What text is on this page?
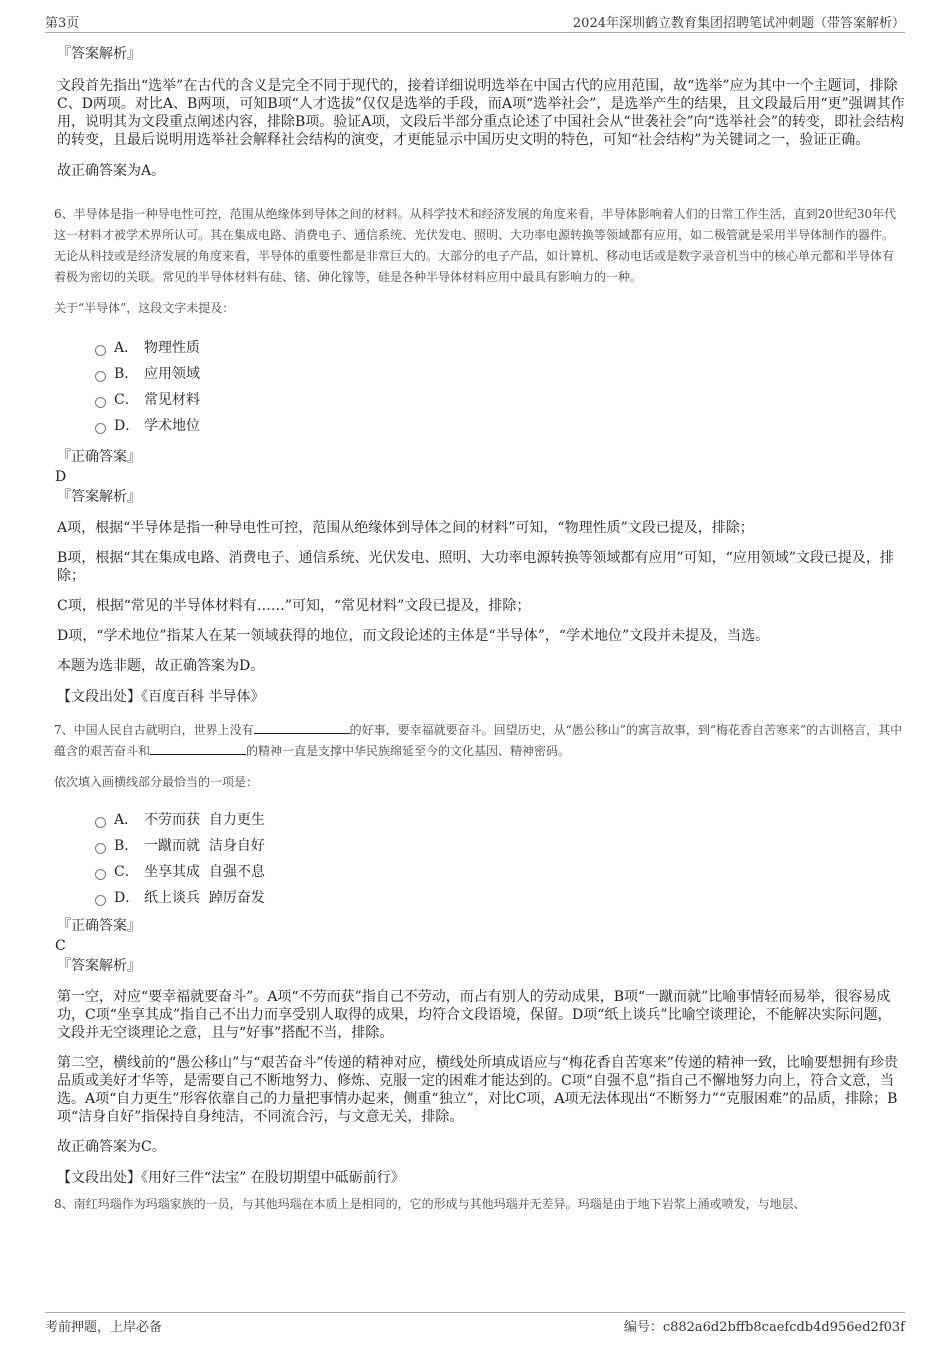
第3页	2024年深圳鹤立教育集团招聘笔试冲刺题（带答案解析）

『答案解析』

文段首先指出“选举”在古代的含义是完全不同于现代的，接着详细说明选举在中国古代的应用范围，故“选举”应为其中一个主题词，排除C、D两项。对比A、B两项，可知B项“人才选拔”仅仅是选举的手段，而A项“选举社会”，是选举产生的结果，且文段最后用“更”强调其作用，说明其为文段重点阐述内容，排除B项。验证A项，文段后半部分重点论述了中国社会从“世袭社会”向“选举社会”的转变，即社会结构的转变，且最后说明用选举社会解释社会结构的演变，才更能显示中国历史文明的特色，可知“社会结构”为关键词之一，验证正确。

故正确答案为A。

6、半导体是指一种导电性可控，范围从绝缘体到导体之间的材料。从科学技术和经济发展的角度来看，半导体影响着人们的日常工作生活，直到20世纪30年代这一材料才被学术界所认可。其在集成电路、消费电子、通信系统、光伏发电、照明、大功率电源转换等领域都有应用，如二极管就是采用半导体制作的器件。无论从科技或是经济发展的角度来看，半导体的重要性都是非常巨大的。大部分的电子产品，如计算机、移动电话或是数字录音机当中的核心单元都和半导体有着极为密切的关联。常见的半导体材料有硅、锗、砷化镓等，硅是各种半导体材料应用中最具有影响力的一种。

关于“半导体”，这段文字未提及：

A． 物理性质
B． 应用领域
C． 常见材料
D． 学术地位

『正确答案』

D

『答案解析』

A项，根据“半导体是指一种导电性可控，范围从绝缘体到导体之间的材料”可知，“物理性质”文段已提及，排除；

B项，根据“其在集成电路、消费电子、通信系统、光伏发电、照明、大功率电源转换等领域都有应用”可知，“应用领域”文段已提及，排除；

C项，根据“常见的半导体材料有……”可知，“常见材料”文段已提及，排除；

D项，“学术地位”指某人在某一领域获得的地位，而文段论述的主体是“半导体”，“学术地位”文段并未提及，当选。

本题为选非题，故正确答案为D。

【文段出处】《百度百科 半导体》

7、中国人民自古就明白，世界上没有	的好事，要幸福就要奋斗。回望历史，从“愚公移山”的寓言故事，到“梅花香自苦寒来”的古训格言，其中蕴含的艰苦奋斗和	的精神一直是支撑中华民族绵延至今的文化基因、精神密码。

依次填入画横线部分最恰当的一项是：

A． 不劳而获  自力更生
B． 一蹴而就  洁身自好
C． 坐享其成  自强不息
D． 纸上谈兵  踔厉奋发

『正确答案』

C

『答案解析』

第一空，对应“要幸福就要奋斗”。A项“不劳而获”指自己不劳动，而占有别人的劳动成果，B项“一蹴而就”比喻事情轻而易举，很容易成功，C项“坐享其成”指自己不出力而享受别人取得的成果，均符合文段语境，保留。D项“纸上谈兵”比喻空谈理论，不能解决实际问题，文段并无空谈理论之意，且与“好事”搭配不当，排除。

第二空，横线前的“愚公移山”与“艰苦奋斗”传递的精神对应，横线处所填成语应与“梅花香自苦寒来”传递的精神一致，比喻要想拥有珍贵品质或美好才华等，是需要自己不断地努力、修炼、克服一定的困难才能达到的。C项“自强不息”指自己不懈地努力向上，符合文意，当选。A项“自力更生”形容依靠自己的力量把事情办起来，侧重“独立”，对比C项，A项无法体现出“不断努力”“克服困难”的品质，排除；B项“洁身自好”指保持自身纯洁，不同流合污，与文意无关，排除。

故正确答案为C。

【文段出处】《用好三件“法宝” 在股切期望中砥砺前行》

8、南红玛瑙作为玛瑙家族的一员，与其他玛瑙在本质上是相同的，它的形成与其他玛瑙并无差异。玛瑙是由于地下岩浆上涌或喷发，与地层、

考前押题，上岸必备	编号：c882a6d2bffb8caefcdb4d956ed2f03f
